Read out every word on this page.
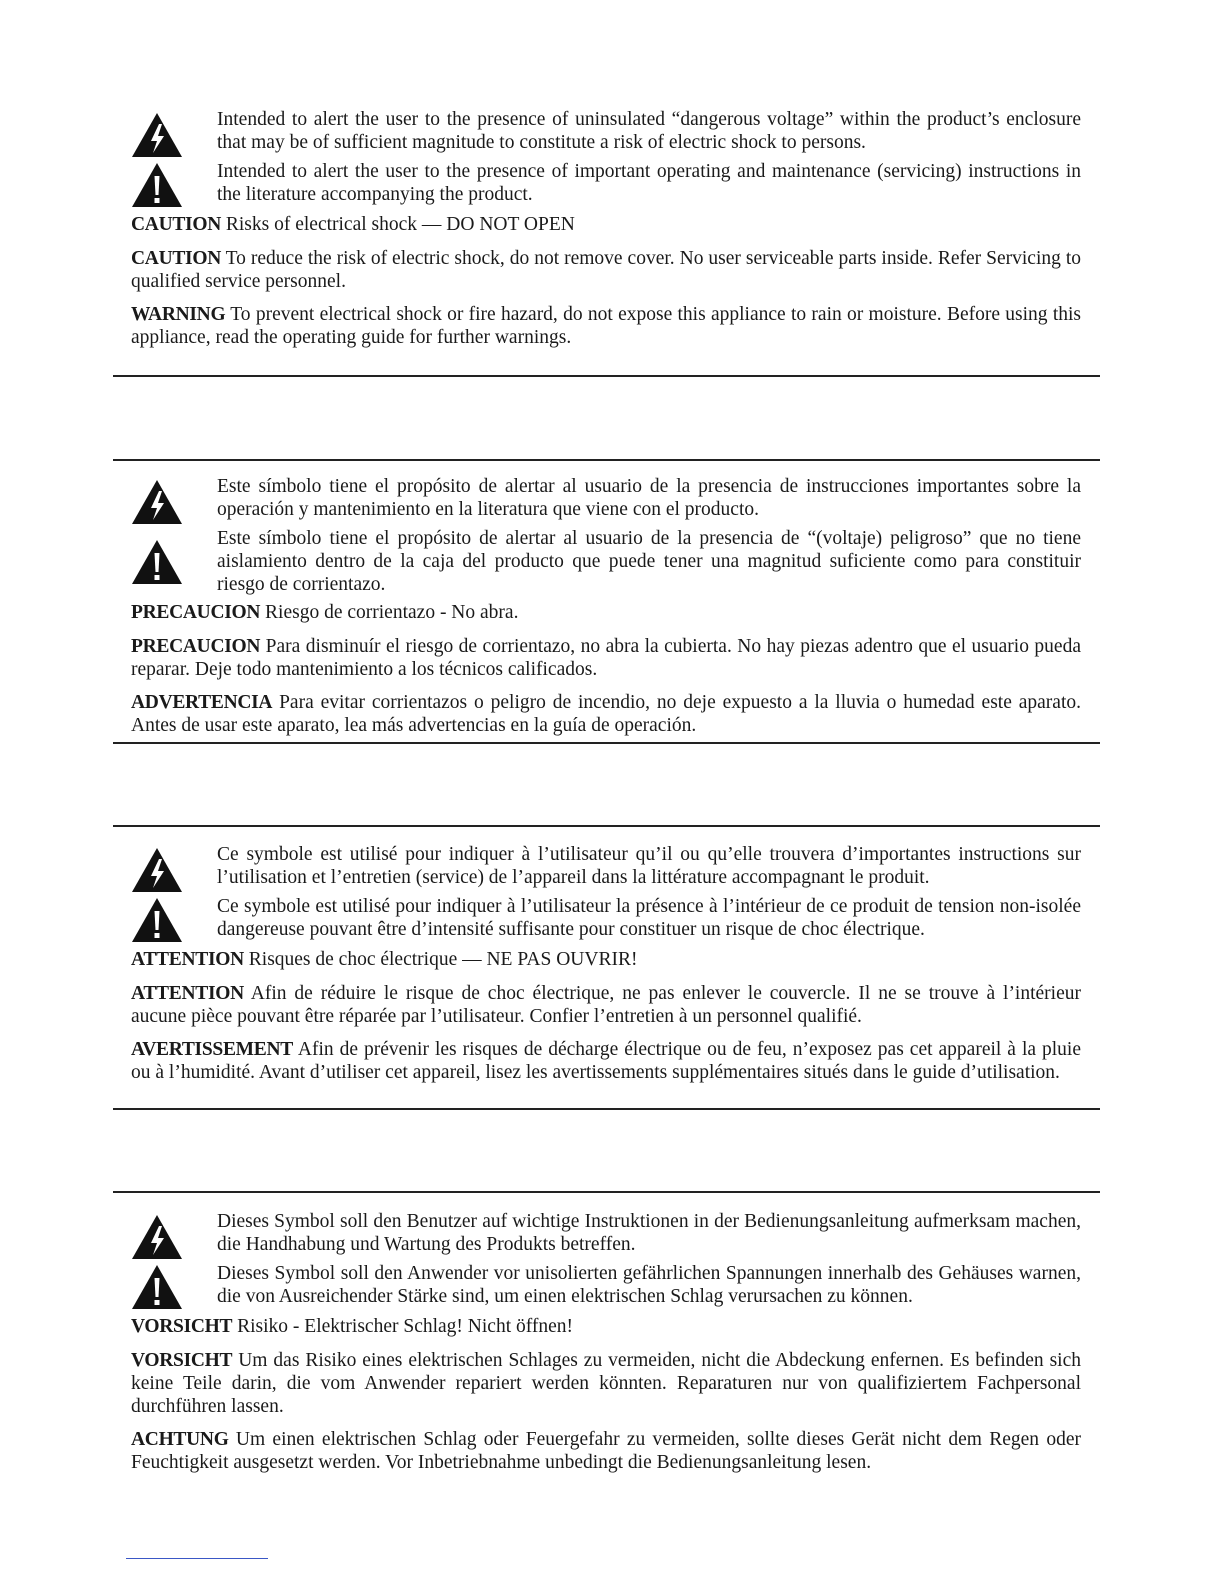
Intended to alert the user to the presence of uninsulated “dangerous voltage” within the product’s enclosure that may be of sufficient magnitude to constitute a risk of electric shock to persons.
Intended to alert the user to the presence of important operating and maintenance (servicing) instructions in the literature accompanying the product.

CAUTION Risks of electrical shock — DO NOT OPEN

CAUTION To reduce the risk of electric shock, do not remove cover. No user serviceable parts inside. Refer Servicing to qualified service personnel.

WARNING To prevent electrical shock or fire hazard, do not expose this appliance to rain or moisture. Before using this appliance, read the operating guide for further warnings.

Este símbolo tiene el propósito de alertar al usuario de la presencia de instrucciones importantes sobre la operación y mantenimiento en la literatura que viene con el producto.
Este símbolo tiene el propósito de alertar al usuario de la presencia de “(voltaje) peligroso” que no tiene aislamiento dentro de la caja del producto que puede tener una magnitud suficiente como para constituir riesgo de corrientazo.

PRECAUCION Riesgo de corrientazo - No abra.

PRECAUCION Para disminuír el riesgo de corrientazo, no abra la cubierta. No hay piezas adentro que el usuario pueda reparar. Deje todo mantenimiento a los técnicos calificados.

ADVERTENCIA Para evitar corrientazos o peligro de incendio, no deje expuesto a la lluvia o humedad este aparato. Antes de usar este aparato, lea más advertencias en la guía de operación.

Ce symbole est utilisé pour indiquer à l’utilisateur qu’il ou qu’elle trouvera d’importantes instructions sur l’utilisation et l’entretien (service) de l’appareil dans la littérature accompagnant le produit.
Ce symbole est utilisé pour indiquer à l’utilisateur la présence à l’intérieur de ce produit de tension non-isolée dangereuse pouvant être d’intensité suffisante pour constituer un risque de choc électrique.

ATTENTION Risques de choc électrique — NE PAS OUVRIR!

ATTENTION Afin de réduire le risque de choc électrique, ne pas enlever le couvercle. Il ne se trouve à l’intérieur aucune pièce pouvant être réparée par l’utilisateur. Confier l’entretien à un personnel qualifié.

AVERTISSEMENT Afin de prévenir les risques de décharge électrique ou de feu, n’exposez pas cet appareil à la pluie ou à l’humidité. Avant d’utiliser cet appareil, lisez les avertissements supplémentaires situés dans le guide d’utilisation.

Dieses Symbol soll den Benutzer auf wichtige Instruktionen in der Bedienungsanleitung aufmerksam machen, die Handhabung und Wartung des Produkts betreffen.
Dieses Symbol soll den Anwender vor unisolierten gefährlichen Spannungen innerhalb des Gehäuses warnen, die von Ausreichender Stärke sind, um einen elektrischen Schlag verursachen zu können.

VORSICHT Risiko - Elektrischer Schlag! Nicht öffnen!

VORSICHT Um das Risiko eines elektrischen Schlages zu vermeiden, nicht die Abdeckung enfernen. Es befinden sich keine Teile darin, die vom Anwender repariert werden könnten. Reparaturen nur von qualifiziertem Fachpersonal durchführen lassen.

ACHTUNG Um einen elektrischen Schlag oder Feuergefahr zu vermeiden, sollte dieses Gerät nicht dem Regen oder Feuchtigkeit ausgesetzt werden. Vor Inbetriebnahme unbedingt die Bedienungsanleitung lesen.
